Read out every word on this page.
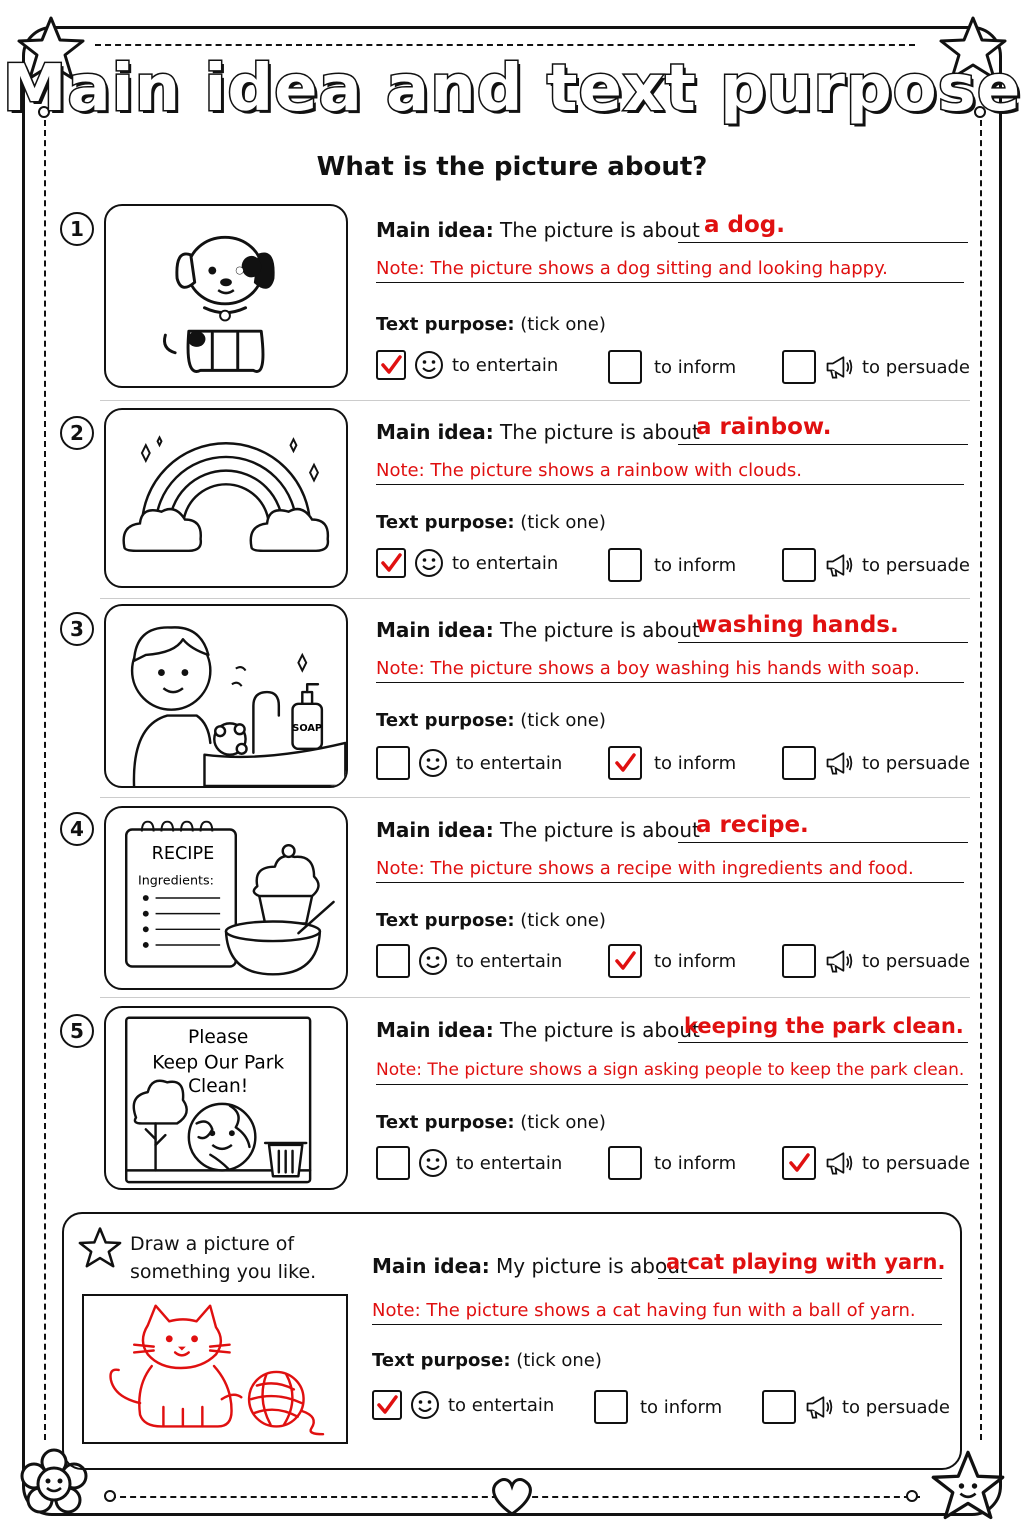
Main idea and text purpose
What is the picture about?
1	Main idea: The picture is about a dog.
Note: The picture shows a dog sitting and looking happy.
Text purpose: (tick one)
to entertain	to inform	to persuade
2	Main idea: The picture is about
a rainbow.
Note: The picture shows a rainbow with clouds.
Text purpose: (tick one)
to entertain	to inform	to persuade
3
SOAP
Main idea: The picture is about
washing hands.
Note: The picture shows a boy washing his hands with soap.
Text purpose: (tick one)
to entertain	to inform	to persuade
4
RECIPE
Ingredients:
Main idea: The picture is about
a recipe.
Note: The picture shows a recipe with ingredients and food.
Text purpose: (tick one)
to entertain	to inform	to persuade
5	Please
Keep Our Park
Clean!
Main idea: The picture is about
keeping the park clean.
Note: The picture shows a sign asking people to keep the park clean.
Text purpose: (tick one)
to entertain	to inform	to persuade
Draw a picture of
something you like.	Main idea: My picture is about
a cat playing with yarn.
Note: The picture shows a cat having fun with a ball of yarn.
Text purpose: (tick one)
to entertain	to inform	to persuade
